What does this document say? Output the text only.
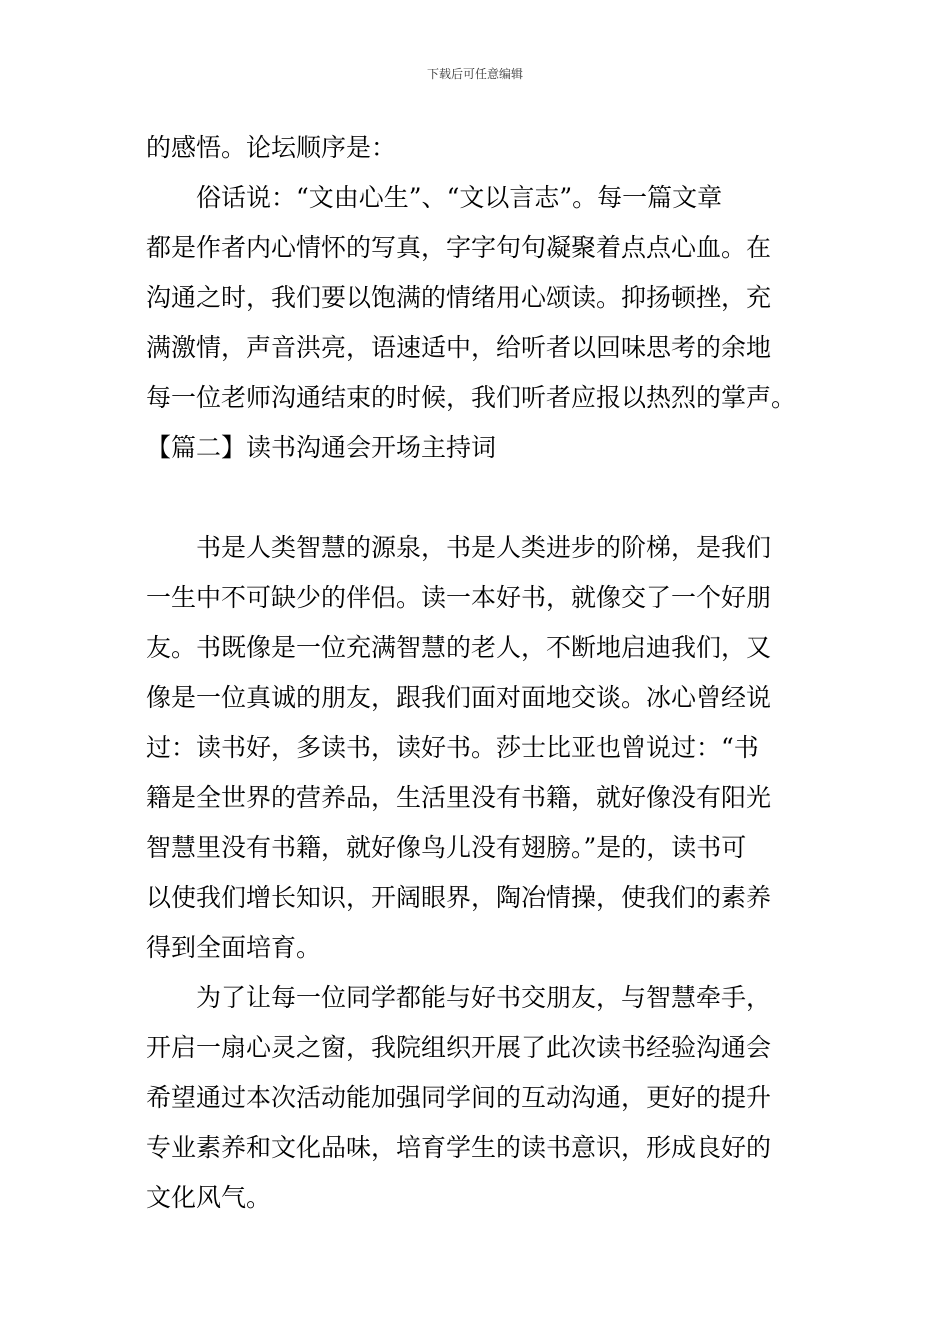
下载后可任意编辑
的感悟。论坛顺序是：
　　俗话说：“文由心生”、“文以言志”。每一篇文章
都是作者内心情怀的写真，字字句句凝聚着点点心血。在
沟通之时，我们要以饱满的情绪用心颂读。抑扬顿挫，充
满激情，声音洪亮，语速适中，给听者以回味思考的余地
每一位老师沟通结束的时候，我们听者应报以热烈的掌声。
【篇二】读书沟通会开场主持词
　　书是人类智慧的源泉，书是人类进步的阶梯，是我们
一生中不可缺少的伴侣。读一本好书，就像交了一个好朋
友。书既像是一位充满智慧的老人，不断地启迪我们，又
像是一位真诚的朋友，跟我们面对面地交谈。冰心曾经说
过：读书好，多读书，读好书。莎士比亚也曾说过：“书
籍是全世界的营养品，生活里没有书籍，就好像没有阳光
智慧里没有书籍，就好像鸟儿没有翅膀。”是的，读书可
以使我们增长知识，开阔眼界，陶冶情操，使我们的素养
得到全面培育。
　　为了让每一位同学都能与好书交朋友，与智慧牵手，
开启一扇心灵之窗，我院组织开展了此次读书经验沟通会
希望通过本次活动能加强同学间的互动沟通，更好的提升
专业素养和文化品味，培育学生的读书意识，形成良好的
文化风气。
